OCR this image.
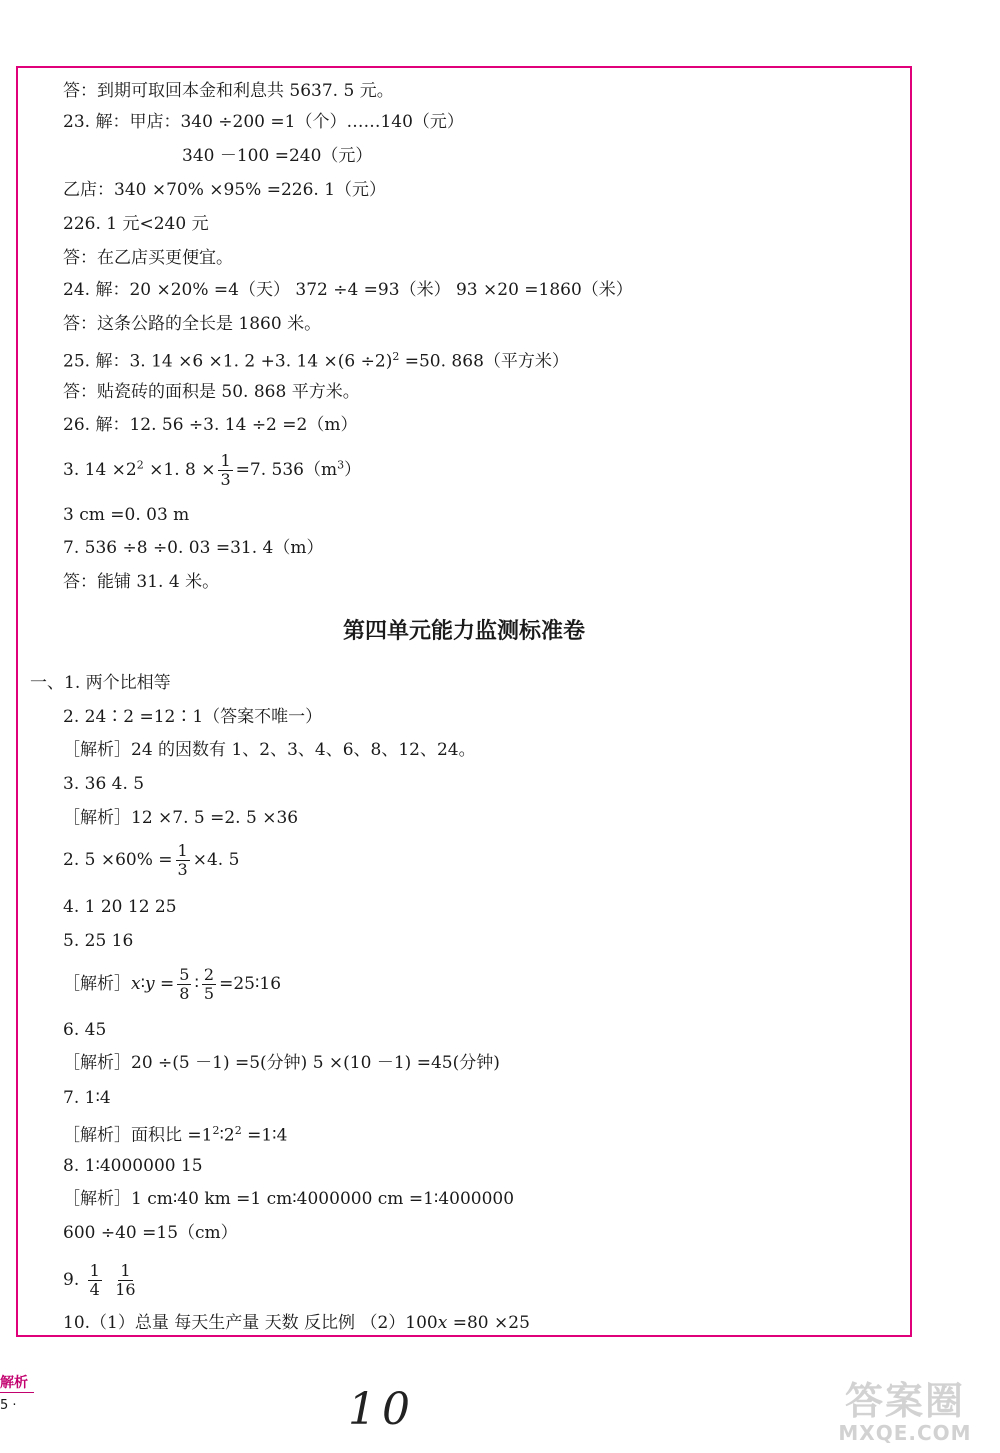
答：到期可取回本金和利息共 5637. 5 元。
23. 解：甲店：340 ÷200 =1（个）……140（元）
340 －100 =240（元）
乙店：340 ×70% ×95% =226. 1（元）
226. 1 元<240 元
答：在乙店买更便宜。
24. 解：20 ×20% =4（天） 372 ÷4 =93（米） 93 ×20 =1860（米）
答：这条公路的全长是 1860 米。
25. 解：3. 14 ×6 ×1. 2 +3. $14 \times(6 \div 2)^2 =50$. 868（平方米）
答：贴瓷砖的面积是 50. 868 平方米。
26. 解：12. 56 ÷3. 14 ÷2 =2（m）
3. $14 \times 2^2 \times 1$. $8 \times \frac{1}{3} =7$. $536(m^3)$
3 cm =0. 03 m
7. 536 ÷8 ÷0. 03 =31. 4（m）
答：能铺 31. 4 米。
第四单元能力监测标准卷
一、1. 两个比相等
2. 24∶2 =12∶1（答案不唯一）
［解析］24 的因数有 1、2、3、4、6、8、12、24。
3. 36 4. 5
［解析］12 ×7. 5 =2. 5 ×36
2. $5 \times 60\% = \frac{1}{3} \times 4$. 5
4. 1 20 12 25
5. 25 16
［解析］x∶y = $\frac{5}{8}$ ∶ $\frac{2}{5}$ =25∶16
6. 45
［解析］20 ÷(5 －1) =5(分钟) 5 ×(10 －1) =45(分钟)
7. 1∶4
［解析］面积比 $=1^2∶2^2$ =1∶4
8. 1∶4000000 15
［解析］1 cm∶40 km =1 cm∶4000000 cm =1∶4000000
600 ÷40 =15（cm）
9. $\frac{1}{4}$
$\frac{1}{16}$
10.（1）总量 每天生产量 天数 反比例 （2）100x =80 ×25
解析
5 ·	10	答案圈
MXQE.COM
